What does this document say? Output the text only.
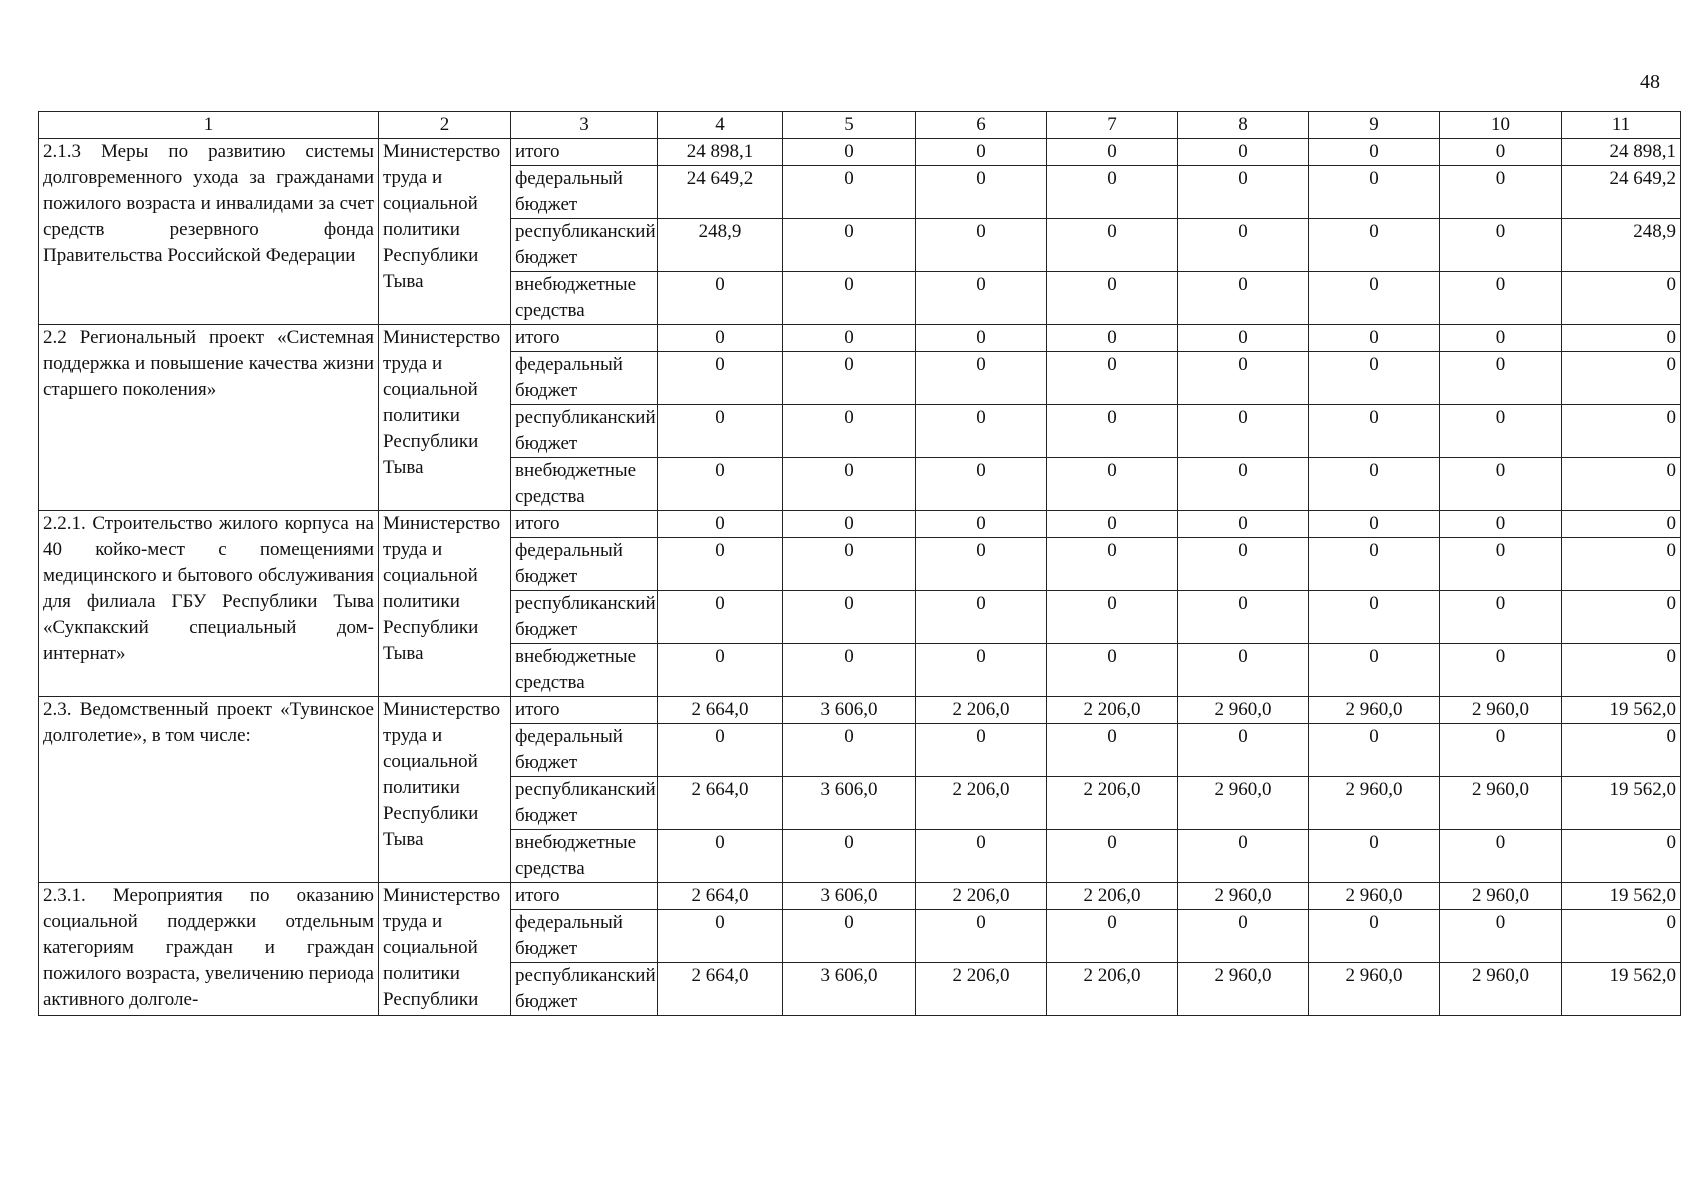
48
1	2	3	4	5	6	7	8	9	10	11
2.1.3 Меры по развитию системы долговременного ухода за гражданами пожилого возраста и инвалидами за счет средств резервного фонда Правительства Российской Федерации	Министерство труда и социальной политики Республики Тыва	итого	24 898,1	0	0	0	0	0	0	24 898,1
		федеральный бюджет	24 649,2	0	0	0	0	0	0	24 649,2
		республиканский бюджет	248,9	0	0	0	0	0	0	248,9
		внебюджетные средства	0	0	0	0	0	0	0	0
2.2 Региональный проект «Системная поддержка и повышение качества жизни старшего поколения»	Министерство труда и социальной политики Республики Тыва	итого	0	0	0	0	0	0	0	0
		федеральный бюджет	0	0	0	0	0	0	0	0
		республиканский бюджет	0	0	0	0	0	0	0	0
		внебюджетные средства	0	0	0	0	0	0	0	0
2.2.1. Строительство жилого корпуса на 40 койко-мест с помещениями медицинского и бытового обслуживания для филиала ГБУ Республики Тыва «Сукпакский специальный дом-интернат»	Министерство труда и социальной политики Республики Тыва	итого	0	0	0	0	0	0	0	0
		федеральный бюджет	0	0	0	0	0	0	0	0
		республиканский бюджет	0	0	0	0	0	0	0	0
		внебюджетные средства	0	0	0	0	0	0	0	0
2.3. Ведомственный проект «Тувинское долголетие», в том числе:	Министерство труда и социальной политики Республики Тыва	итого	2 664,0	3 606,0	2 206,0	2 206,0	2 960,0	2 960,0	2 960,0	19 562,0
		федеральный бюджет	0	0	0	0	0	0	0	0
		республиканский бюджет	2 664,0	3 606,0	2 206,0	2 206,0	2 960,0	2 960,0	2 960,0	19 562,0
		внебюджетные средства	0	0	0	0	0	0	0	0
2.3.1. Мероприятия по оказанию социальной поддержки отдельным категориям граждан и граждан пожилого возраста, увеличению периода активного долголе-	Министерство труда и социальной политики Республики	итого	2 664,0	3 606,0	2 206,0	2 206,0	2 960,0	2 960,0	2 960,0	19 562,0
		федеральный бюджет	0	0	0	0	0	0	0	0
		республиканский бюджет	2 664,0	3 606,0	2 206,0	2 206,0	2 960,0	2 960,0	2 960,0	19 562,0
